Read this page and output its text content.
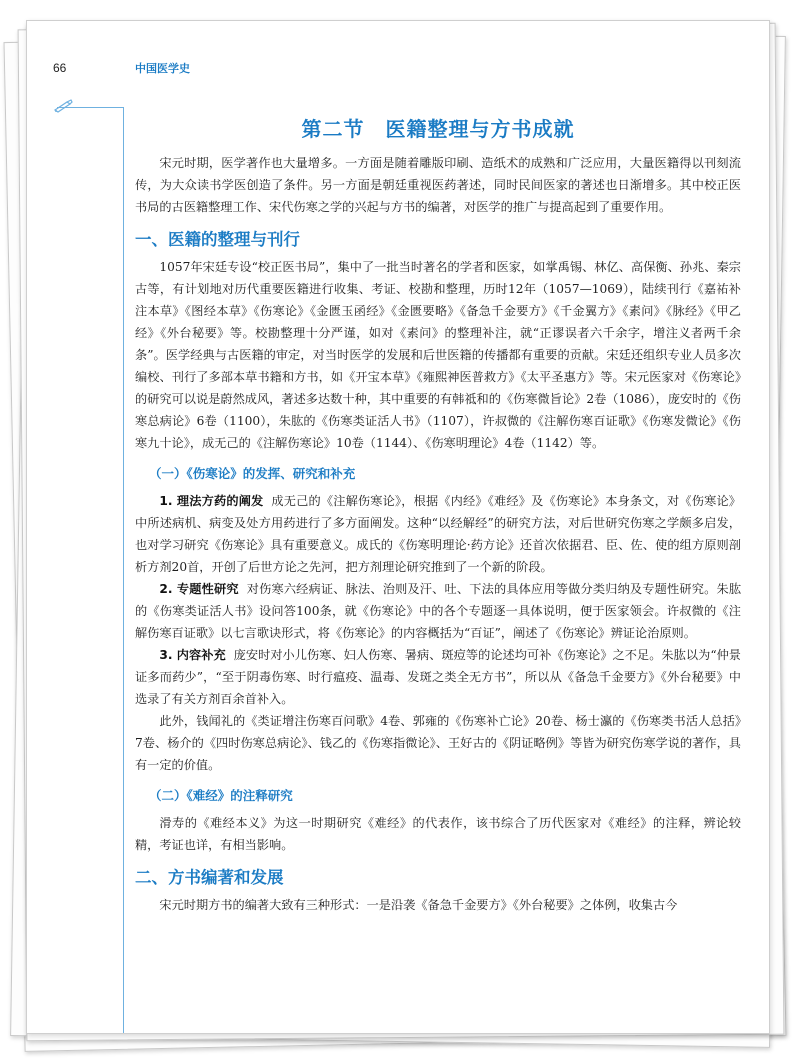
66	中国医学史
第二节　医籍整理与方书成就

宋元时期，医学著作也大量增多。一方面是随着雕版印刷、造纸术的成熟和广泛应用，大量医籍得以刊刻流传，为大众读书学医创造了条件。另一方面是朝廷重视医药著述，同时民间医家的著述也日渐增多。其中校正医书局的古医籍整理工作、宋代伤寒之学的兴起与方书的编著，对医学的推广与提高起到了重要作用。

一、医籍的整理与刊行

1057年宋廷专设“校正医书局”，集中了一批当时著名的学者和医家，如掌禹锡、林亿、高保衡、孙兆、秦宗古等，有计划地对历代重要医籍进行收集、考证、校勘和整理，历时12年（1057—1069），陆续刊行《嘉祐补注本草》《图经本草》《伤寒论》《金匮玉函经》《金匮要略》《备急千金要方》《千金翼方》《素问》《脉经》《甲乙经》《外台秘要》等。校勘整理十分严谨，如对《素问》的整理补注，就“正谬误者六千余字，增注义者两千余条”。医学经典与古医籍的审定，对当时医学的发展和后世医籍的传播都有重要的贡献。宋廷还组织专业人员多次编校、刊行了多部本草书籍和方书，如《开宝本草》《雍熙神医普救方》《太平圣惠方》等。宋元医家对《伤寒论》的研究可以说是蔚然成风，著述多达数十种，其中重要的有韩祗和的《伤寒微旨论》2卷（1086），庞安时的《伤寒总病论》6卷（1100），朱肱的《伤寒类证活人书》（1107），许叔微的《注解伤寒百证歌》《伤寒发微论》《伤寒九十论》，成无己的《注解伤寒论》10卷（1144）、《伤寒明理论》4卷（1142）等。

（一）《伤寒论》的发挥、研究和补充

1. 理法方药的阐发 成无己的《注解伤寒论》，根据《内经》《难经》及《伤寒论》本身条文，对《伤寒论》中所述病机、病变及处方用药进行了多方面阐发。这种“以经解经”的研究方法，对后世研究伤寒之学颇多启发，也对学习研究《伤寒论》具有重要意义。成氏的《伤寒明理论·药方论》还首次依据君、臣、佐、使的组方原则剖析方剂20首，开创了后世方论之先河，把方剂理论研究推到了一个新的阶段。

2. 专题性研究 对伤寒六经病证、脉法、治则及汗、吐、下法的具体应用等做分类归纳及专题性研究。朱肱的《伤寒类证活人书》设问答100条，就《伤寒论》中的各个专题逐一具体说明，便于医家领会。许叔微的《注解伤寒百证歌》以七言歌诀形式，将《伤寒论》的内容概括为“百证”，阐述了《伤寒论》辨证论治原则。

3. 内容补充 庞安时对小儿伤寒、妇人伤寒、暑病、斑痘等的论述均可补《伤寒论》之不足。朱肱以为“仲景证多而药少”，“至于阴毒伤寒、时行瘟疫、温毒、发斑之类全无方书”，所以从《备急千金要方》《外台秘要》中选录了有关方剂百余首补入。

此外，钱闻礼的《类证增注伤寒百问歌》4卷、郭雍的《伤寒补亡论》20卷、杨士瀛的《伤寒类书活人总括》7卷、杨介的《四时伤寒总病论》、钱乙的《伤寒指微论》、王好古的《阴证略例》等皆为研究伤寒学说的著作，具有一定的价值。

（二）《难经》的注释研究

滑寿的《难经本义》为这一时期研究《难经》的代表作，该书综合了历代医家对《难经》的注释，辨论较精，考证也详，有相当影响。

二、方书编著和发展

宋元时期方书的编著大致有三种形式：一是沿袭《备急千金要方》《外台秘要》之体例，收集古今
